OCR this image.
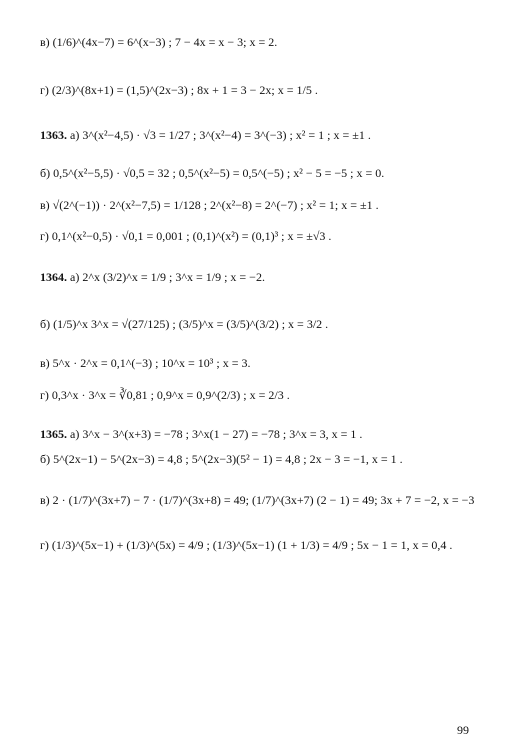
в) (1/6)^(4x−7) = 6^(x−3) ; 7 − 4x = x − 3; x = 2.
г) (2/3)^(8x+1) = (1,5)^(2x−3) ; 8x + 1 = 3 − 2x; x = 1/5 .
1363. а) 3^(x²−4,5) · √3 = 1/27 ; 3^(x²−4) = 3^(−3) ; x² = 1 ; x = ±1 .
б) 0,5^(x²−5,5) · √0,5 = 32 ; 0,5^(x²−5) = 0,5^(−5) ; x² − 5 = −5 ; x = 0.
в) √(2^(−1)) · 2^(x²−7,5) = 1/128 ; 2^(x²−8) = 2^(−7) ; x² = 1; x = ±1 .
г) 0,1^(x²−0,5) · √0,1 = 0,001 ; (0,1)^(x²) = (0,1)³ ; x = ±√3 .
1364. а) 2^x (3/2)^x = 1/9 ; 3^x = 1/9 ; x = −2.
б) (1/5)^x 3^x = √(27/125) ; (3/5)^x = (3/5)^(3/2) ; x = 3/2 .
в) 5^x · 2^x = 0,1^(−3) ; 10^x = 10³ ; x = 3.
г) 0,3^x · 3^x = ∛0,81 ; 0,9^x = 0,9^(2/3) ; x = 2/3 .
1365. а) 3^x − 3^(x+3) = −78 ; 3^x(1 − 27) = −78 ; 3^x = 3, x = 1 .
б) 5^(2x−1) − 5^(2x−3) = 4,8 ; 5^(2x−3)(5² − 1) = 4,8 ; 2x − 3 = −1, x = 1 .
в) 2 · (1/7)^(3x+7) − 7 · (1/7)^(3x+8) = 49; (1/7)^(3x+7) (2 − 1) = 49; 3x + 7 = −2, x = −3
г) (1/3)^(5x−1) + (1/3)^(5x) = 4/9 ; (1/3)^(5x−1) (1 + 1/3) = 4/9 ; 5x − 1 = 1, x = 0,4 .
99
